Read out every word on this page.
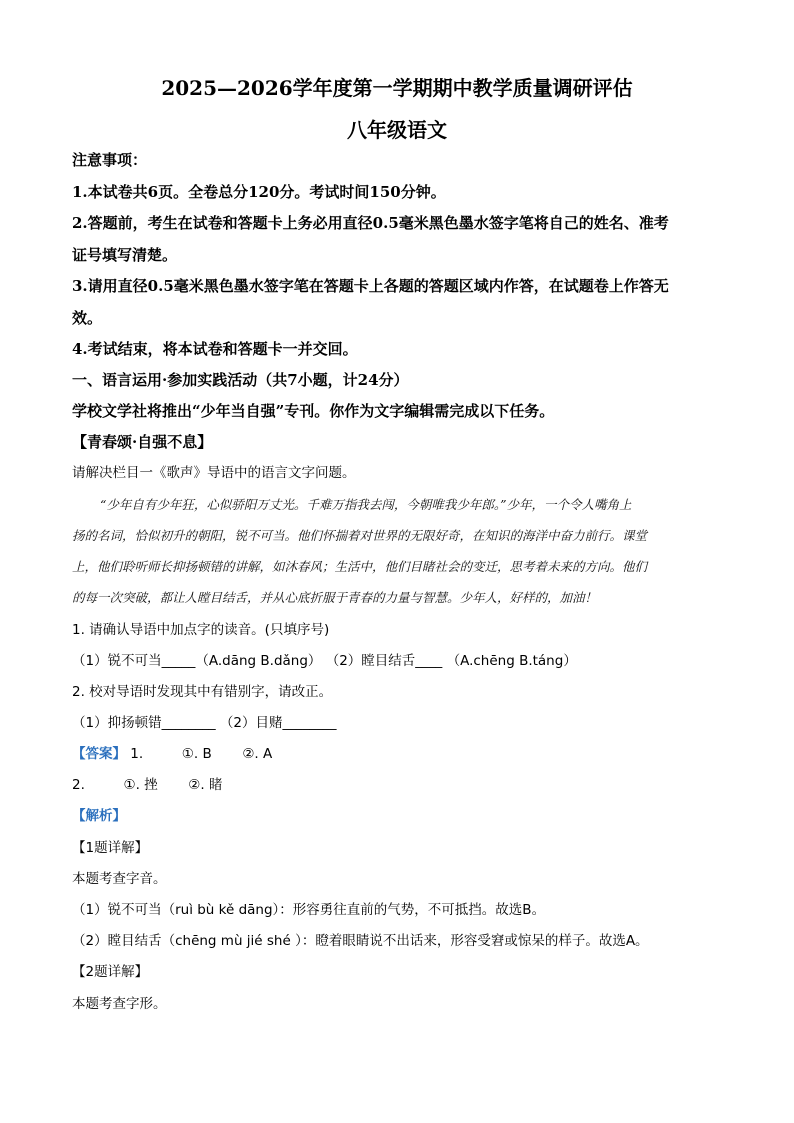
2025—2026学年度第一学期期中教学质量调研评估
八年级语文
注意事项：
1.本试卷共6页。全卷总分120分。考试时间150分钟。
2.答题前，考生在试卷和答题卡上务必用直径0.5毫米黑色墨水签字笔将自己的姓名、准考
证号填写清楚。
3.请用直径0.5毫米黑色墨水签字笔在答题卡上各题的答题区域内作答，在试题卷上作答无
效。
4.考试结束，将本试卷和答题卡一并交回。
一、语言运用·参加实践活动（共7小题，计24分）
学校文学社将推出“少年当自强”专刊。你作为文字编辑需完成以下任务。
【青春颂·自强不息】
请解决栏目一《歌声》导语中的语言文字问题。
“少年自有少年狂，心似骄阳万丈光。千难万指我去闯，今朝唯我少年郎。”少年，一个令人嘴角上
扬的名词，恰似初升的朝阳，锐不可当。他们怀揣着对世界的无限好奇，在知识的海洋中奋力前行。课堂
上，他们聆听师长抑扬顿错的讲解，如沐春风；生活中，他们目睹社会的变迁，思考着未来的方向。他们
的每一次突破，都让人瞠目结舌，并从心底折服于青春的力量与智慧。少年人，好样的，加油！
1. 请确认导语中加点字的读音。(只填序号)
（1）锐不可当_____（A.dāng B.dǎng） （2）瞠目结舌____ （A.chēng B.táng）
2. 校对导语时发现其中有错别字，请改正。
（1）抑扬顿错________ （2）目赌________
【答案】 1.	①. B ②. A
2.	①. 挫 ②. 睹
【解析】
【1题详解】
本题考查字音。
（1）锐不可当（ruì bù kě dāng）：形容勇往直前的气势，不可抵挡。故选B。
（2）瞠目结舌（chēng mù jié shé ）：瞪着眼睛说不出话来，形容受窘或惊呆的样子。故选A。
【2题详解】
本题考查字形。
